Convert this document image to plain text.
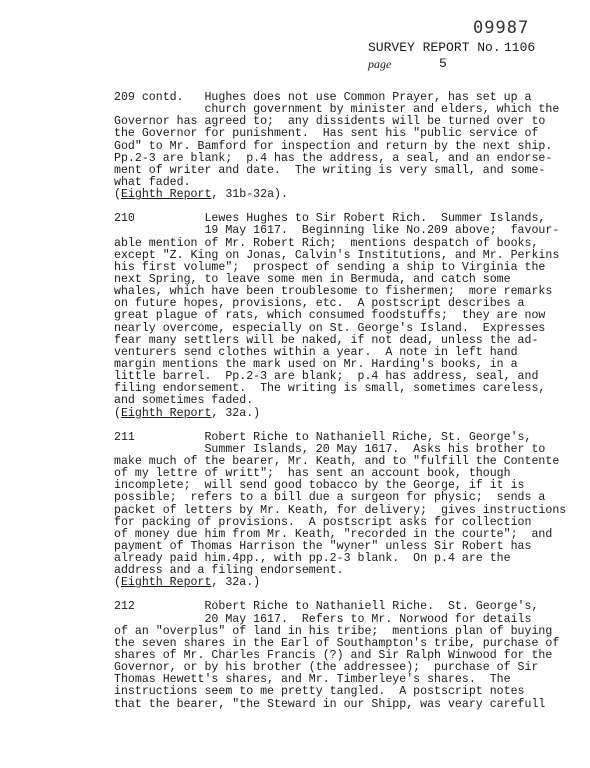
09987
SURVEY REPORT No. 1106
page	5
209 contd.   Hughes does not use Common Prayer, has set up a
church government by minister and elders, which the
Governor has agreed to;  any dissidents will be turned over to
the Governor for punishment.  Has sent his "public service of
God" to Mr. Bamford for inspection and return by the next ship.
Pp.2-3 are blank;  p.4 has the address, a seal, and an endorse-
ment of writer and date.  The writing is very small, and some-
what faded.
(Eighth Report, 31b-32a).
210          Lewes Hughes to Sir Robert Rich.  Summer Islands,
19 May 1617.  Beginning like No.209 above;  favour-
able mention of Mr. Robert Rich;  mentions despatch of books,
except "Z. King on Jonas, Calvin's Institutions, and Mr. Perkins
his first volume";  prospect of sending a ship to Virginia the
next Spring, to leave some men in Bermuda, and catch some
whales, which have been troublesome to fishermen;  more remarks
on future hopes, provisions, etc.  A postscript describes a
great plague of rats, which consumed foodstuffs;  they are now
nearly overcome, especially on St. George's Island.  Expresses
fear many settlers will be naked, if not dead, unless the ad-
venturers send clothes within a year.  A note in left hand
margin mentions the mark used on Mr. Harding's books, in a
little barrel.  Pp.2-3 are blank;  p.4 has address, seal, and
filing endorsement.  The writing is small, sometimes careless,
and sometimes faded.
(Eighth Report, 32a.)
211          Robert Riche to Nathaniell Riche, St. George's,
Summer Islands, 20 May 1617.  Asks his brother to
make much of the bearer, Mr. Keath, and to "fulfill the Contente
of my lettre of writt";  has sent an account book, though
incomplete;  will send good tobacco by the George, if it is
possible;  refers to a bill due a surgeon for physic;  sends a
packet of letters by Mr. Keath, for delivery;  gives instructions
for packing of provisions.  A postscript asks for collection
of money due him from Mr. Keath, "recorded in the courte";  and
payment of Thomas Harrison the "wyner" unless Sir Robert has
already paid him.4pp., with pp.2-3 blank.  On p.4 are the
address and a filing endorsement.
(Eighth Report, 32a.)
212          Robert Riche to Nathaniell Riche.  St. George's,
20 May 1617.  Refers to Mr. Norwood for details
of an "overplus" of land in his tribe;  mentions plan of buying
the seven shares in the Earl of Southampton's tribe, purchase of
shares of Mr. Charles Francis (?) and Sir Ralph Winwood for the
Governor, or by his brother (the addressee);  purchase of Sir
Thomas Hewett's shares, and Mr. Timberleye's shares.  The
instructions seem to me pretty tangled.  A postscript notes
that the bearer, "the Steward in our Shipp, was veary carefull
